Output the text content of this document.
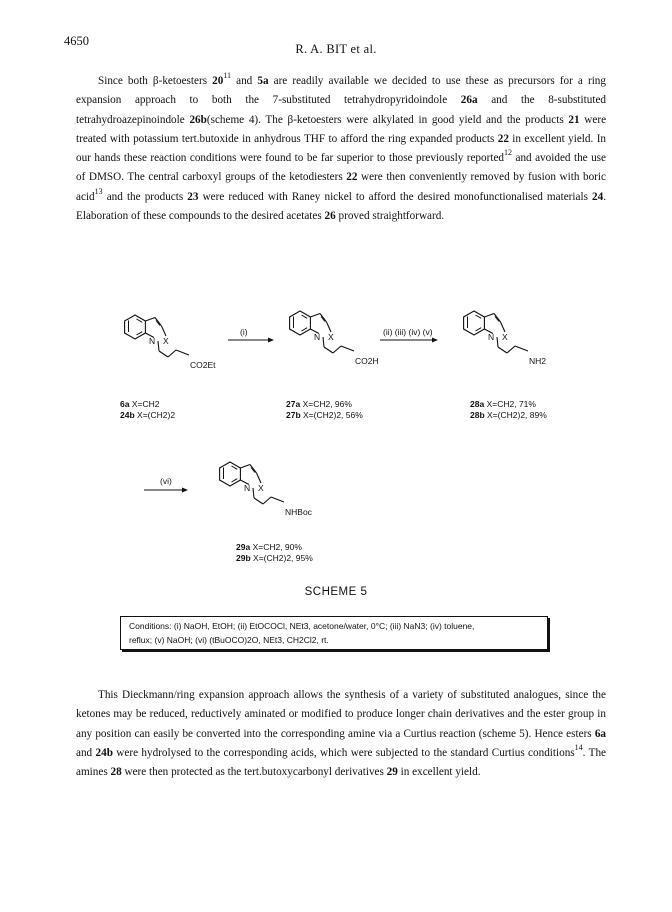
4650
R. A. BIT et al.
Since both β-ketoesters $20^{11}$ and 5a are readily available we decided to use these as precursors for a ring expansion approach to both the 7-substituted tetrahydropyridoindole 26a and the 8-substituted tetrahydroazepinoindole 26b(scheme 4). The β-ketoesters were alkylated in good yield and the products 21 were treated with potassium tert.butoxide in anhydrous THF to afford the ring expanded products 22 in excellent yield. In our hands these reaction conditions were found to be far superior to those previously reported$^{12}$ and avoided the use of DMSO. The central carboxyl groups of the ketodiesters 22 were then conveniently removed by fusion with boric acid$^{13}$ and the products 23 were reduced with Raney nickel to afford the desired monofunctionalised materials 24. Elaboration of these compounds to the desired acetates 26 proved straightforward.
N X	N X	N X
N X
CO2Et	CO2H	NH2
NHBoc
(i)	(ii) (iii) (iv) (v)
(vi)
6a X=CH2
24b X=(CH2)2
27a X=CH2, 96%
27b X=(CH2)2, 56%
28a X=CH2, 71%
28b X=(CH2)2, 89%
29a X=CH2, 90%
29b X=(CH2)2, 95%
SCHEME 5
Conditions: (i) NaOH, EtOH; (ii) EtOCOCl, NEt3, acetone/water, 0°C; (iii) NaN3; (iv) toluene,
reflux; (v) NaOH; (vi) (tBuOCO)2O, NEt3, CH2Cl2, rt.
This Dieckmann/ring expansion approach allows the synthesis of a variety of substituted analogues, since the ketones may be reduced, reductively aminated or modified to produce longer chain derivatives and the ester group in any position can easily be converted into the corresponding amine via a Curtius reaction (scheme 5). Hence esters 6a and 24b were hydrolysed to the corresponding acids, which were subjected to the standard Curtius conditions$^{14}$. The amines 28 were then protected as the tert.butoxycarbonyl derivatives 29 in excellent yield.
